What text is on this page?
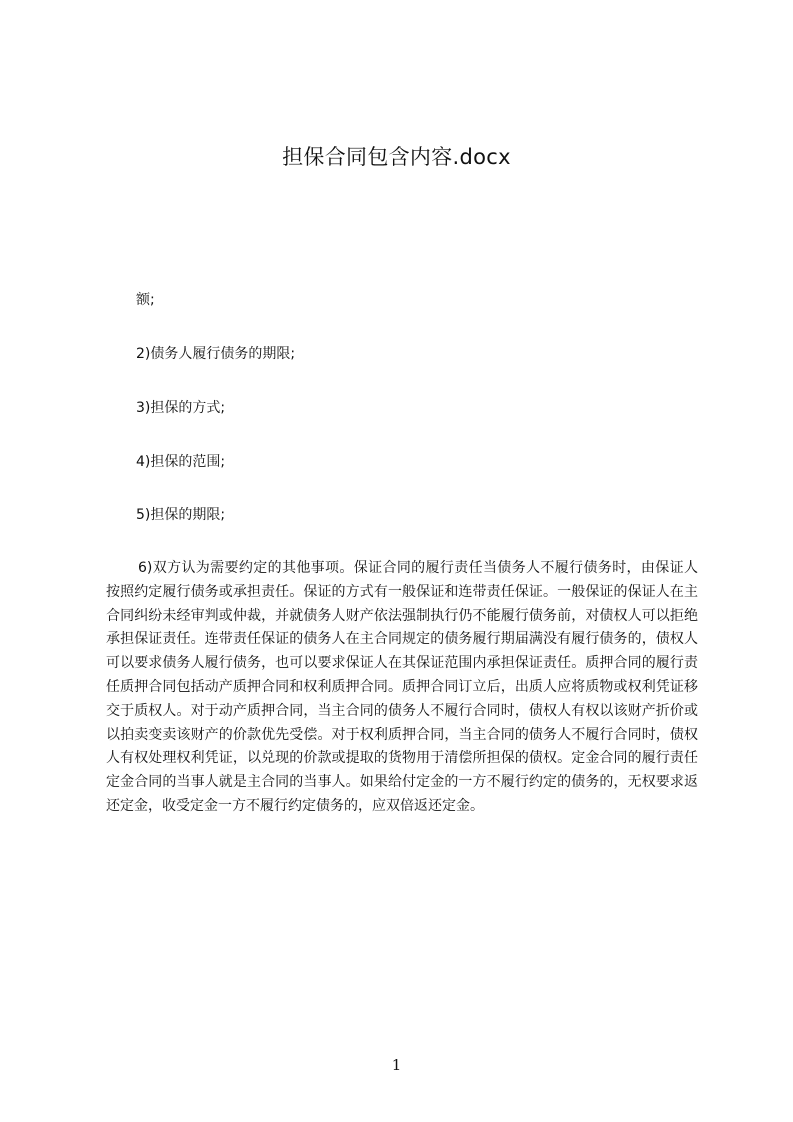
担保合同包含内容.docx
额;
2)债务人履行债务的期限;
3)担保的方式;
4)担保的范围;
5)担保的期限;
6)双方认为需要约定的其他事项。保证合同的履行责任当债务人不履行债务时，由保证人按照约定履行债务或承担责任。保证的方式有一般保证和连带责任保证。一般保证的保证人在主合同纠纷未经审判或仲裁，并就债务人财产依法强制执行仍不能履行债务前，对债权人可以拒绝承担保证责任。连带责任保证的债务人在主合同规定的债务履行期届满没有履行债务的，债权人可以要求债务人履行债务，也可以要求保证人在其保证范围内承担保证责任。质押合同的履行责任质押合同包括动产质押合同和权利质押合同。质押合同订立后，出质人应将质物或权利凭证移交于质权人。对于动产质押合同，当主合同的债务人不履行合同时，债权人有权以该财产折价或以拍卖变卖该财产的价款优先受偿。对于权利质押合同，当主合同的债务人不履行合同时，债权人有权处理权利凭证，以兑现的价款或提取的货物用于清偿所担保的债权。定金合同的履行责任定金合同的当事人就是主合同的当事人。如果给付定金的一方不履行约定的债务的，无权要求返还定金，收受定金一方不履行约定债务的，应双倍返还定金。
1
